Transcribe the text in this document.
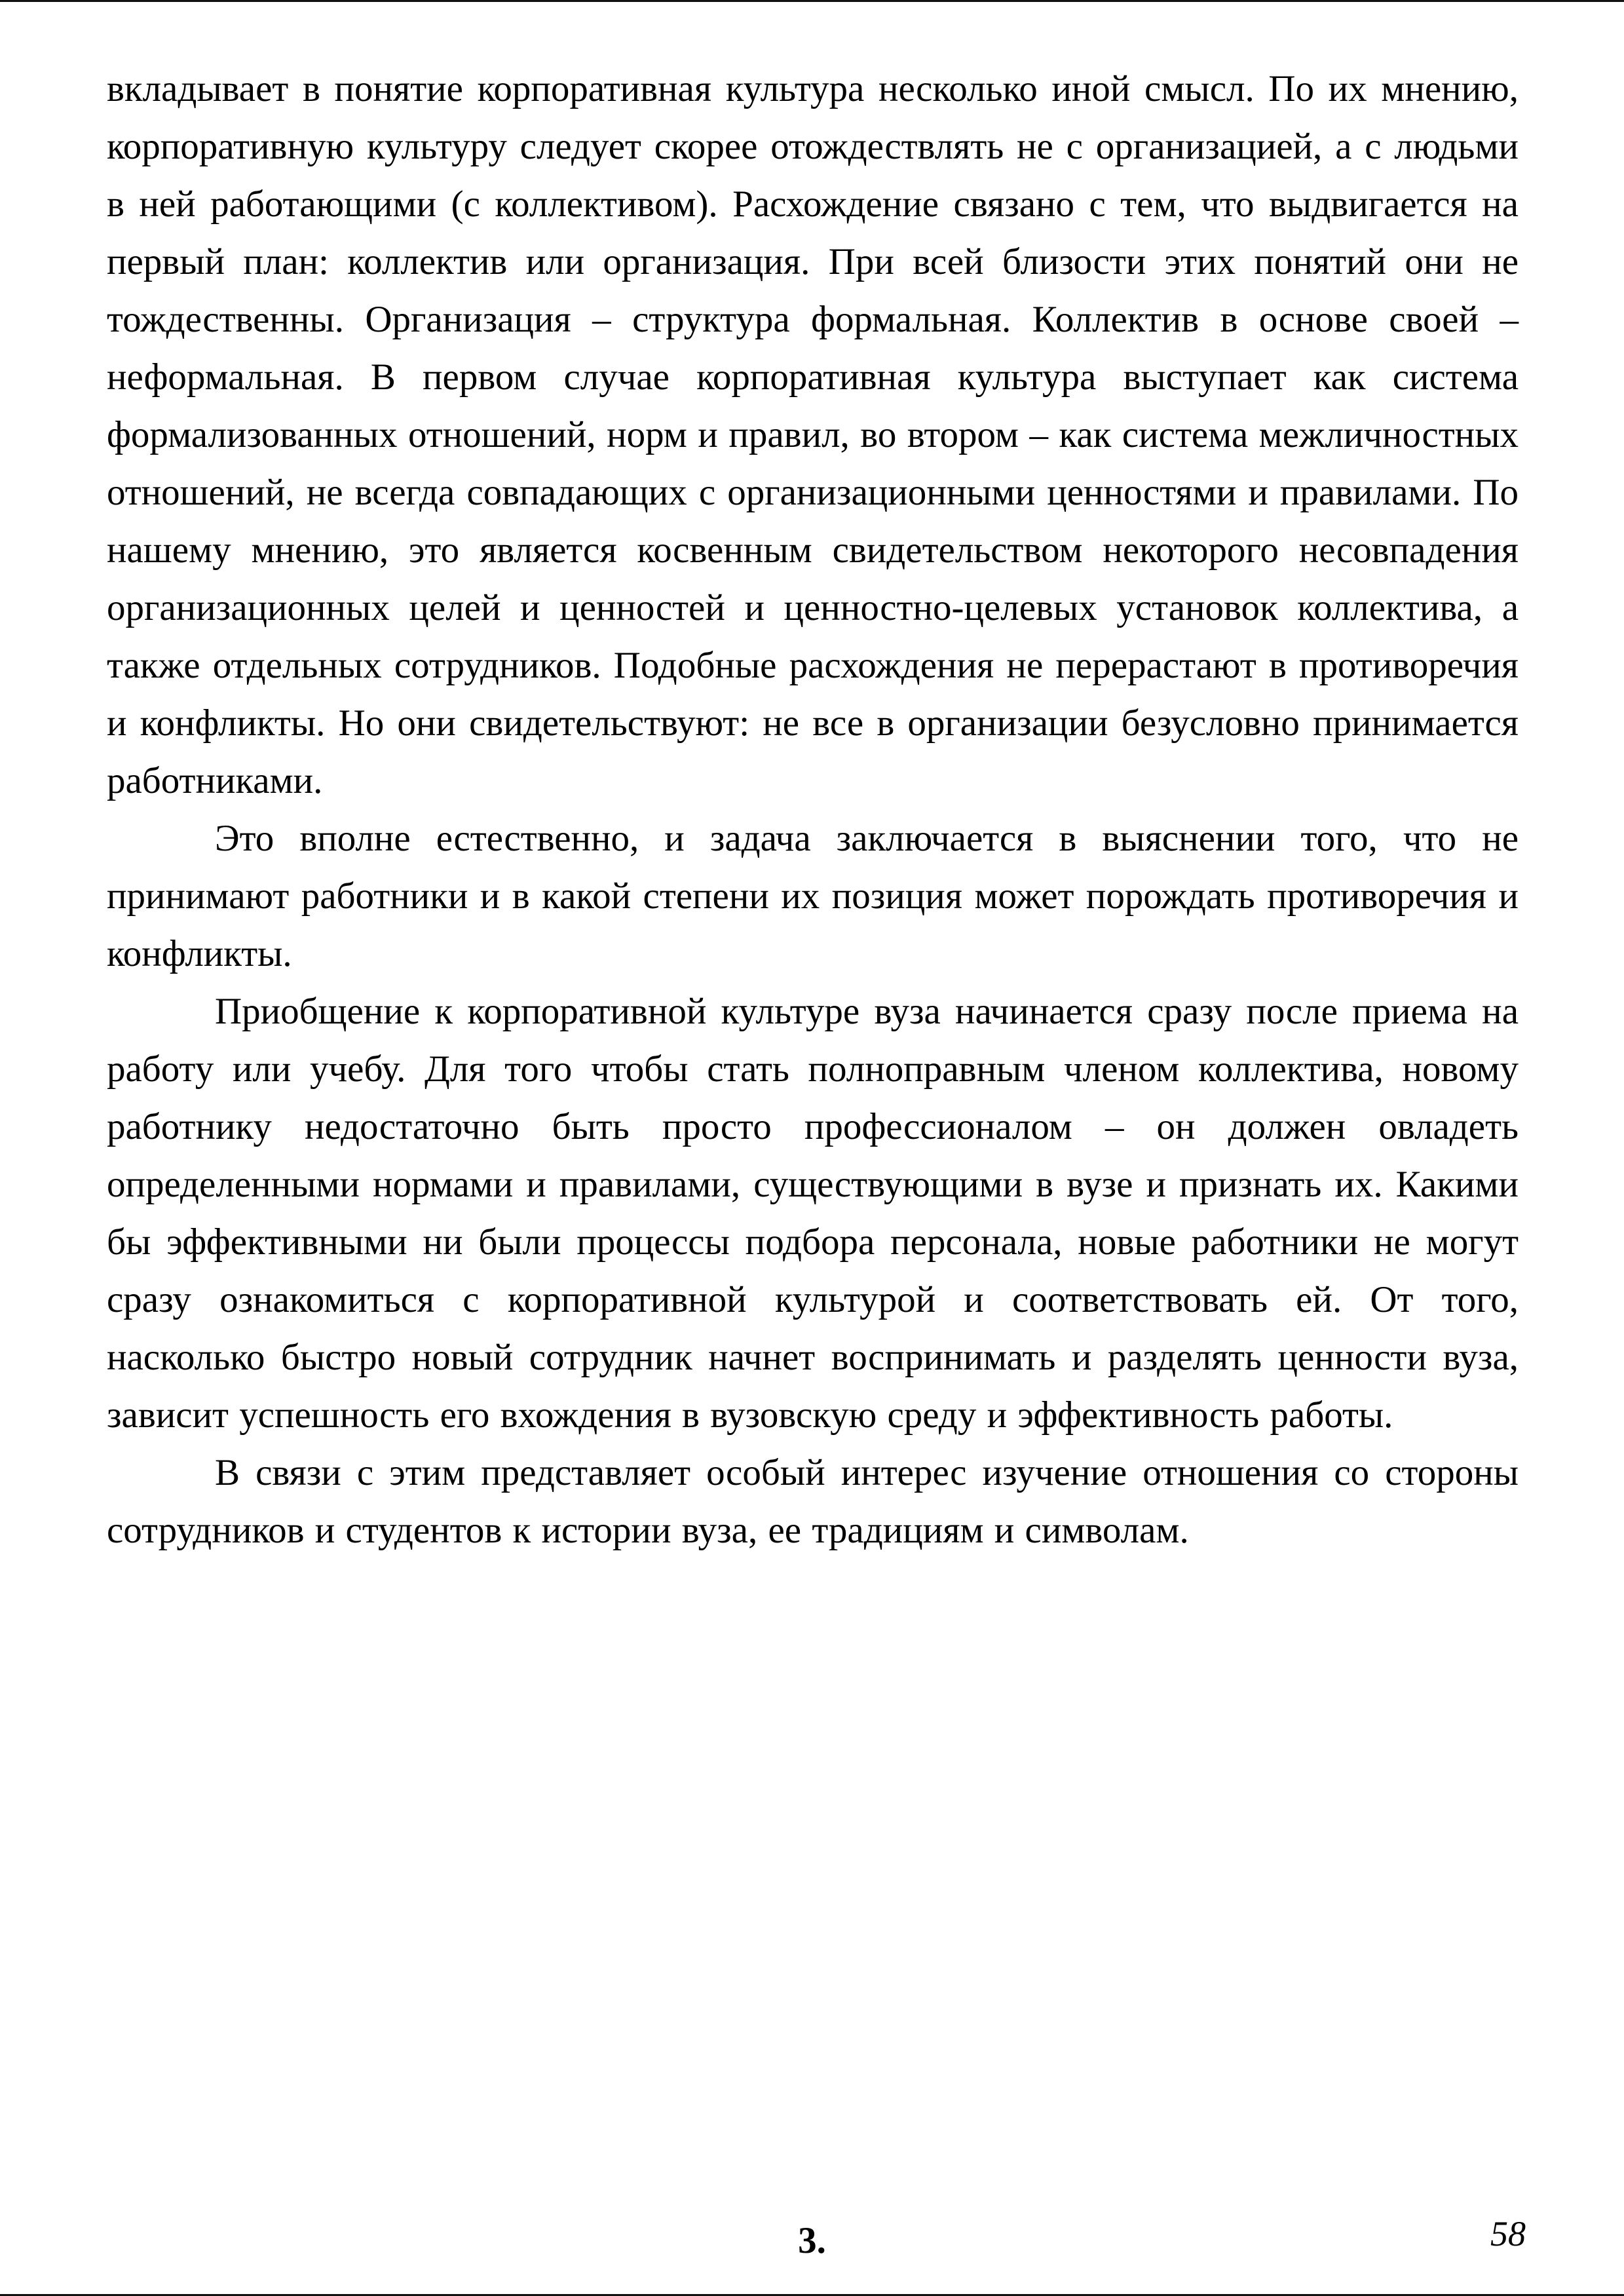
вкладывает в понятие корпоративная культура несколько иной смысл. По их мнению, корпоративную культуру следует скорее отождествлять не с организацией, а с людьми в ней работающими (с коллективом). Расхождение связано с тем, что выдвигается на первый план: коллектив или организация. При всей близости этих понятий они не тождественны. Организация – структура формальная. Коллектив в основе своей – неформальная. В первом случае корпоративная культура выступает как система формализованных отношений, норм и правил, во втором – как система межличностных отношений, не всегда совпадающих с организационными ценностями и правилами. По нашему мнению, это является косвенным свидетельством некоторого несовпадения организационных целей и ценностей и ценностно-целевых установок коллектива, а также отдельных сотрудников. Подобные расхождения не перерастают в противоречия и конфликты. Но они свидетельствуют: не все в организации безусловно принимается работниками.

Это вполне естественно, и задача заключается в выяснении того, что не принимают работники и в какой степени их позиция может порождать противоречия и конфликты.

Приобщение к корпоративной культуре вуза начинается сразу после приема на работу или учебу. Для того чтобы стать полноправным членом коллектива, новому работнику недостаточно быть просто профессионалом – он должен овладеть определенными нормами и правилами, существующими в вузе и признать их. Какими бы эффективными ни были процессы подбора персонала, новые работники не могут сразу ознакомиться с корпоративной культурой и соответствовать ей. От того, насколько быстро новый сотрудник начнет воспринимать и разделять ценности вуза, зависит успешность его вхождения в вузовскую среду и эффективность работы.

В связи с этим представляет особый интерес изучение отношения со стороны сотрудников и студентов к истории вуза, ее традициям и символам.

3.	58
